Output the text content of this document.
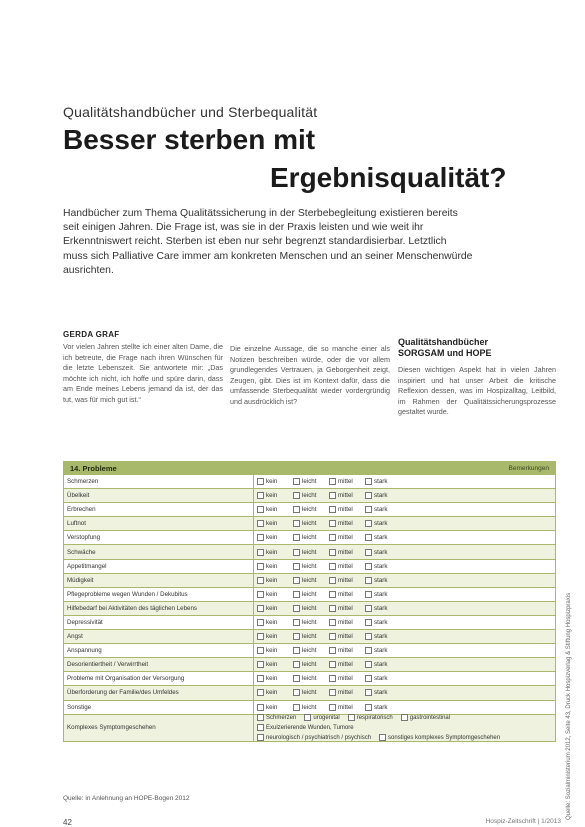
Qualitätshandbücher und Sterbequalität
Besser sterben mit
Ergebnisqualität?
Handbücher zum Thema Qualitätssicherung in der Sterbebegleitung existieren bereits seit einigen Jahren. Die Frage ist, was sie in der Praxis leisten und wie weit ihr Erkenntniswert reicht. Sterben ist eben nur sehr begrenzt standardisierbar. Letztlich muss sich Palliative Care immer am konkreten Menschen und an seiner Menschenwürde ausrichten.
GERDA GRAF
Vor vielen Jahren stellte ich einer alten Dame, die ich betreute, die Frage nach ihren Wünschen für die letzte Lebenszeit. Sie antwortete mir: „Das möchte ich nicht, ich hoffe und spüre darin, dass am Ende meines Lebens jemand da ist, der das tut, was für mich gut ist.“
Die einzelne Aussage, die so manche einer als Notizen beschreiben würde, oder die vor allem grundlegendes Vertrauen, ja Geborgenheit zeigt, Zeugen, gibt. Dies ist im Kontext dafür, dass die umfassende Sterbequalität wieder vordergründig und ausdrücklich ist?
Qualitätshandbücher
SORGSAM und HOPE
Diesen wichtigen Aspekt hat in vielen Jahren inspiriert und hat unser Arbeit die kritische Reflexion dessen, was im Hospizalltag, Leitbild, im Rahmen der Qualitätssicherungsprozesse gestaltet wurde.
Quelle: Sozialministerium 2012, Seite 43, Druck Hospizverlag & Stiftung Hospizpraxis
14. Probleme	Bemerkungen
Schmerzen	kein	leicht	mittel	stark
Übelkeit	kein	leicht	mittel	stark
Erbrechen	kein	leicht	mittel	stark
Luftnot	kein	leicht	mittel	stark
Verstopfung	kein	leicht	mittel	stark
Schwäche	kein	leicht	mittel	stark
Appetitmangel	kein	leicht	mittel	stark
Müdigkeit	kein	leicht	mittel	stark
Pflegeprobleme wegen Wunden / Dekubitus	kein	leicht	mittel	stark
Hilfebedarf bei Aktivitäten des täglichen Lebens	kein	leicht	mittel	stark
Depressivität	kein	leicht	mittel	stark
Angst	kein	leicht	mittel	stark
Anspannung	kein	leicht	mittel	stark
Desorientiertheit / Verwirrtheit	kein	leicht	mittel	stark
Probleme mit Organisation der Versorgung	kein	leicht	mittel	stark
Überforderung der Familie/des Umfeldes	kein	leicht	mittel	stark
Sonstige	kein	leicht	mittel	stark
Komplexes Symptomgeschehen
Schmerzen	urogenital	respiratorisch	gastrointestinal
Exulzerierende Wunden, Tumore
neurologisch / psychiatrisch / psychisch	sonstiges komplexes Symptomgeschehen
Quelle: in Anlehnung an HOPE-Bogen 2012
42	Hospiz-Zeitschrift | 1/2013
